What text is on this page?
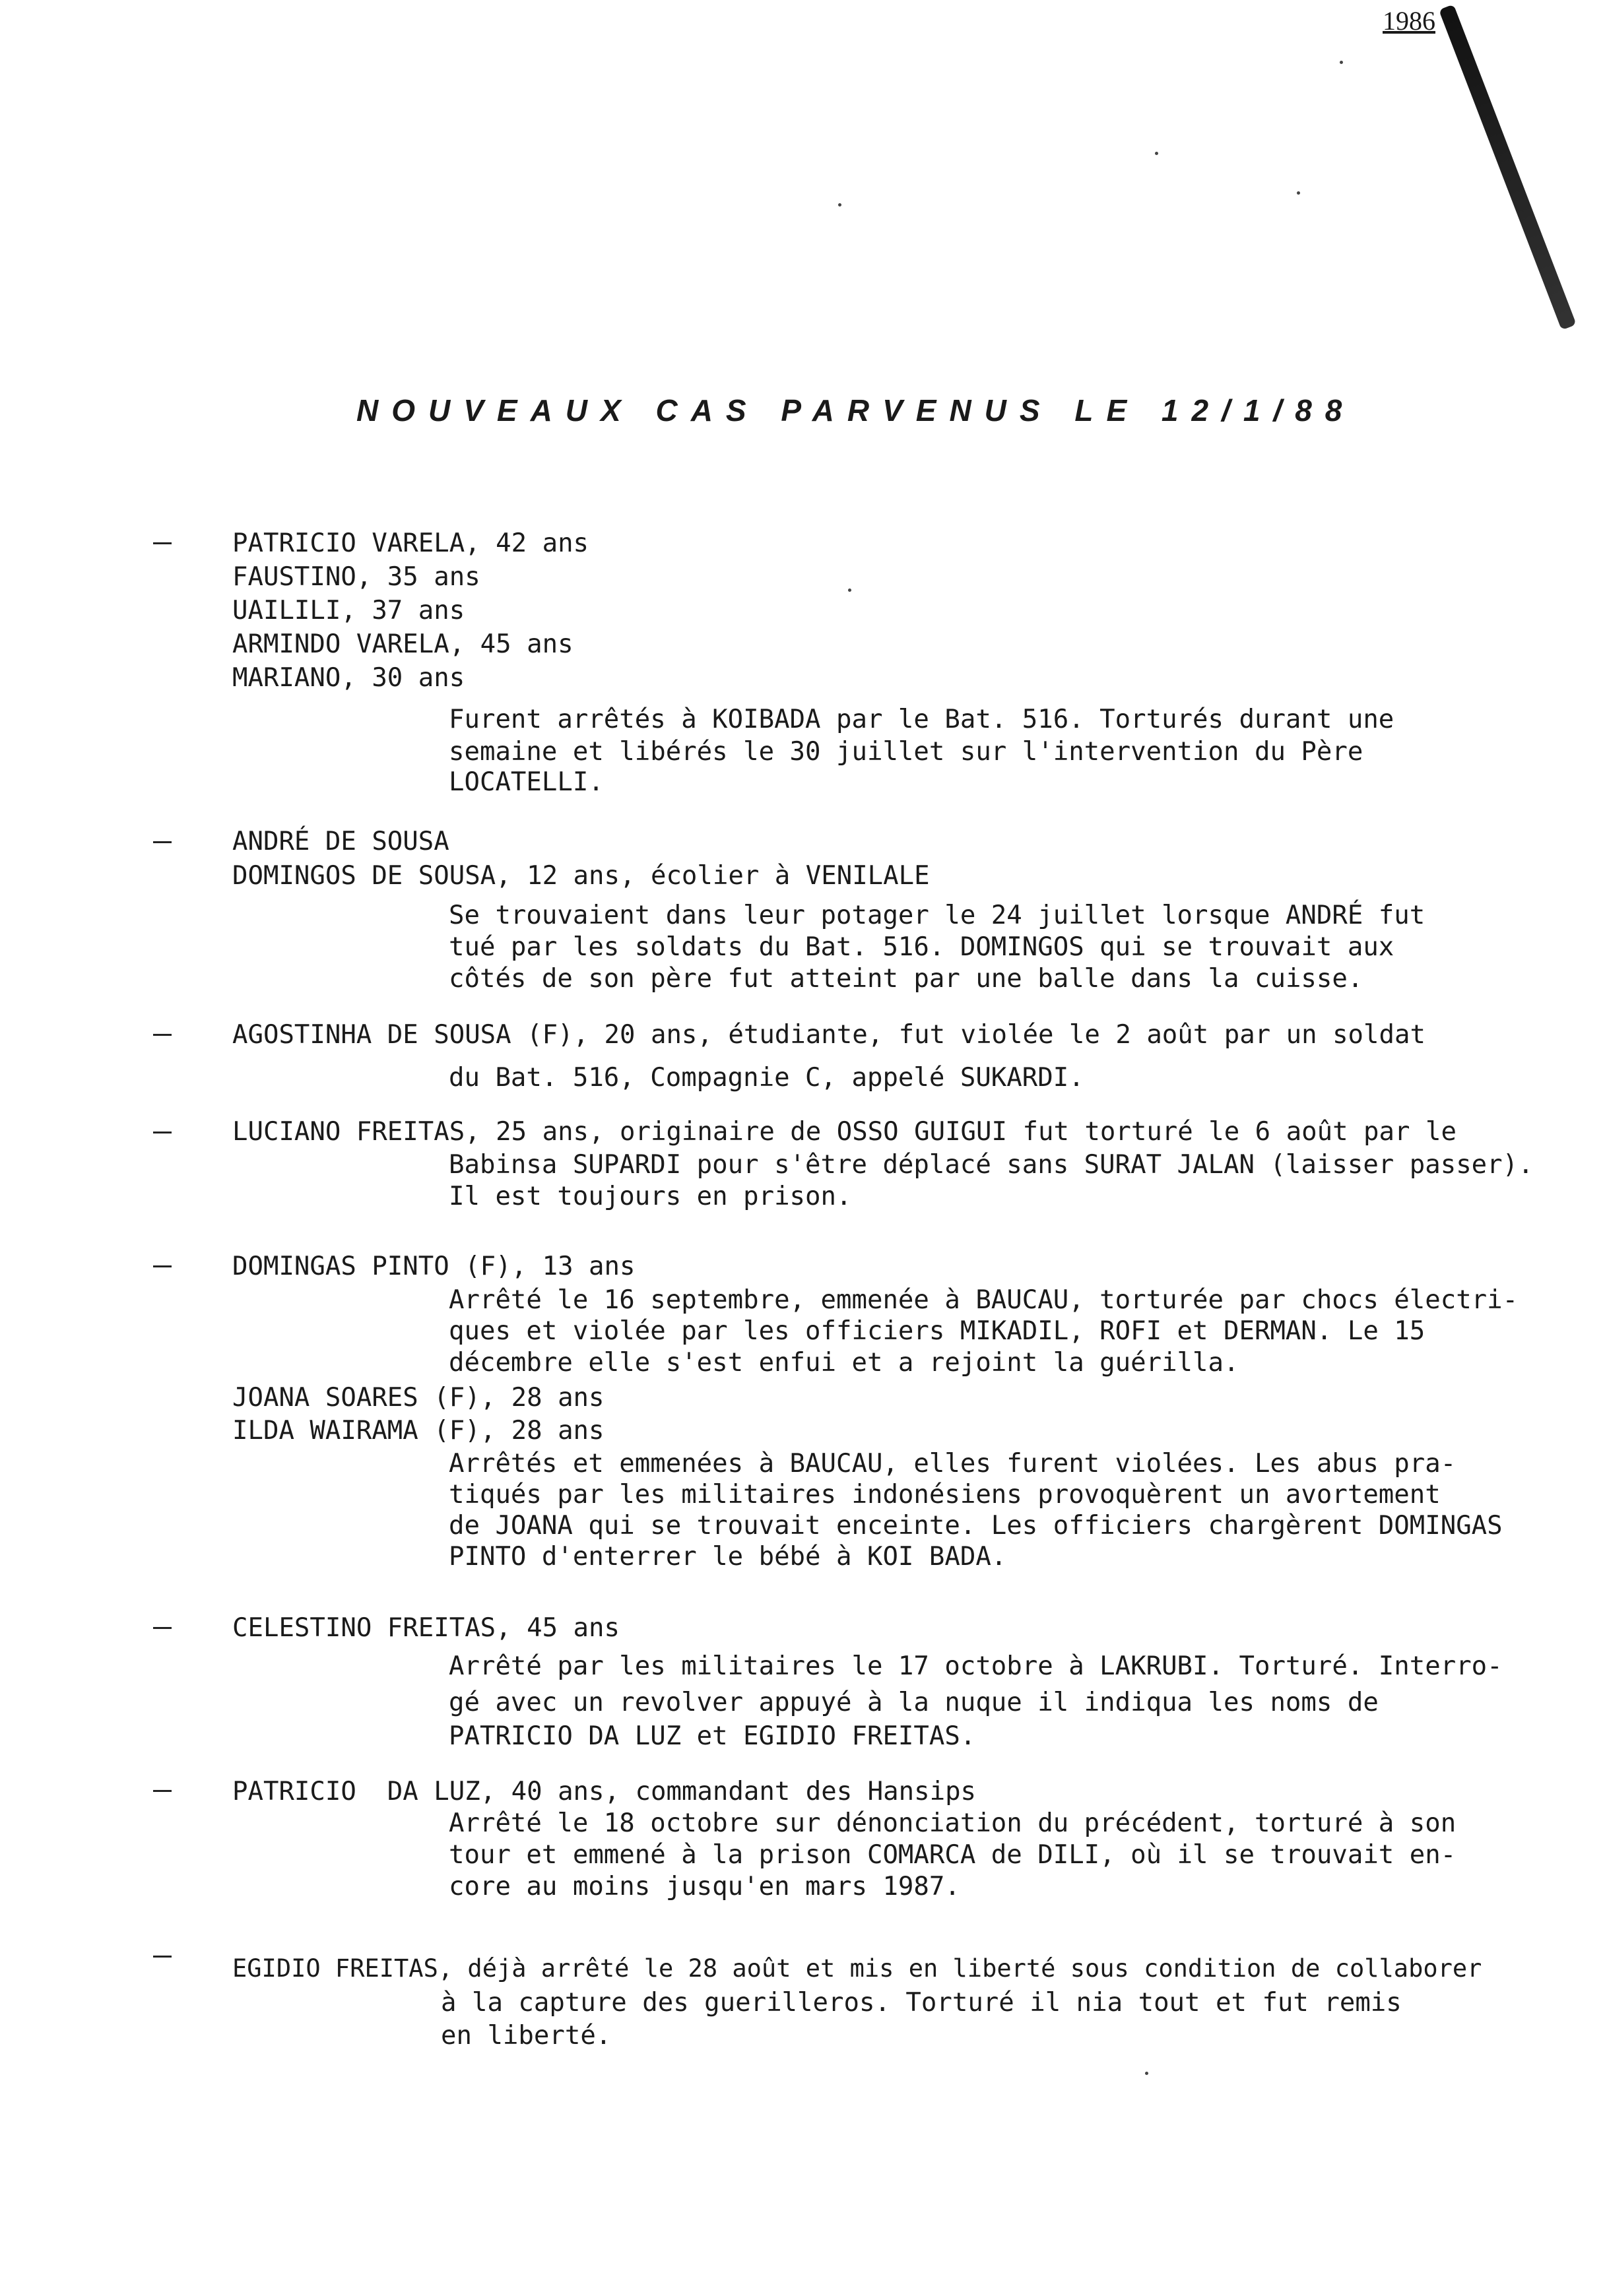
1986
NOUVEAUX CAS PARVENUS LE 12/1/88
PATRICIO VARELA, 42 ans
FAUSTINO, 35 ans
UAILILI, 37 ans
ARMINDO VARELA, 45 ans
MARIANO, 30 ans
Furent arrêtés à KOIBADA par le Bat. 516. Torturés durant une
semaine et libérés le 30 juillet sur l'intervention du Père
LOCATELLI.
ANDRÉ DE SOUSA
DOMINGOS DE SOUSA, 12 ans, écolier à VENILALE
Se trouvaient dans leur potager le 24 juillet lorsque ANDRÉ fut
tué par les soldats du Bat. 516. DOMINGOS qui se trouvait aux
côtés de son père fut atteint par une balle dans la cuisse.
AGOSTINHA DE SOUSA (F), 20 ans, étudiante, fut violée le 2 août par un soldat
du Bat. 516, Compagnie C, appelé SUKARDI.
LUCIANO FREITAS, 25 ans, originaire de OSSO GUIGUI fut torturé le 6 août par le
Babinsa SUPARDI pour s'être déplacé sans SURAT JALAN (laisser passer).
Il est toujours en prison.
DOMINGAS PINTO (F), 13 ans
Arrêté le 16 septembre, emmenée à BAUCAU, torturée par chocs électri-
ques et violée par les officiers MIKADIL, ROFI et DERMAN. Le 15
décembre elle s'est enfui et a rejoint la guérilla.
JOANA SOARES (F), 28 ans
ILDA WAIRAMA (F), 28 ans
Arrêtés et emmenées à BAUCAU, elles furent violées. Les abus pra-
tiqués par les militaires indonésiens provoquèrent un avortement
de JOANA qui se trouvait enceinte. Les officiers chargèrent DOMINGAS
PINTO d'enterrer le bébé à KOI BADA.
CELESTINO FREITAS, 45 ans
Arrêté par les militaires le 17 octobre à LAKRUBI. Torturé. Interro-
gé avec un revolver appuyé à la nuque il indiqua les noms de
PATRICIO DA LUZ et EGIDIO FREITAS.
PATRICIO  DA LUZ, 40 ans, commandant des Hansips
Arrêté le 18 octobre sur dénonciation du précédent, torturé à son
tour et emmené à la prison COMARCA de DILI, où il se trouvait en-
core au moins jusqu'en mars 1987.
EGIDIO FREITAS, déjà arrêté le 28 août et mis en liberté sous condition de collaborer
à la capture des guerilleros. Torturé il nia tout et fut remis
en liberté.
